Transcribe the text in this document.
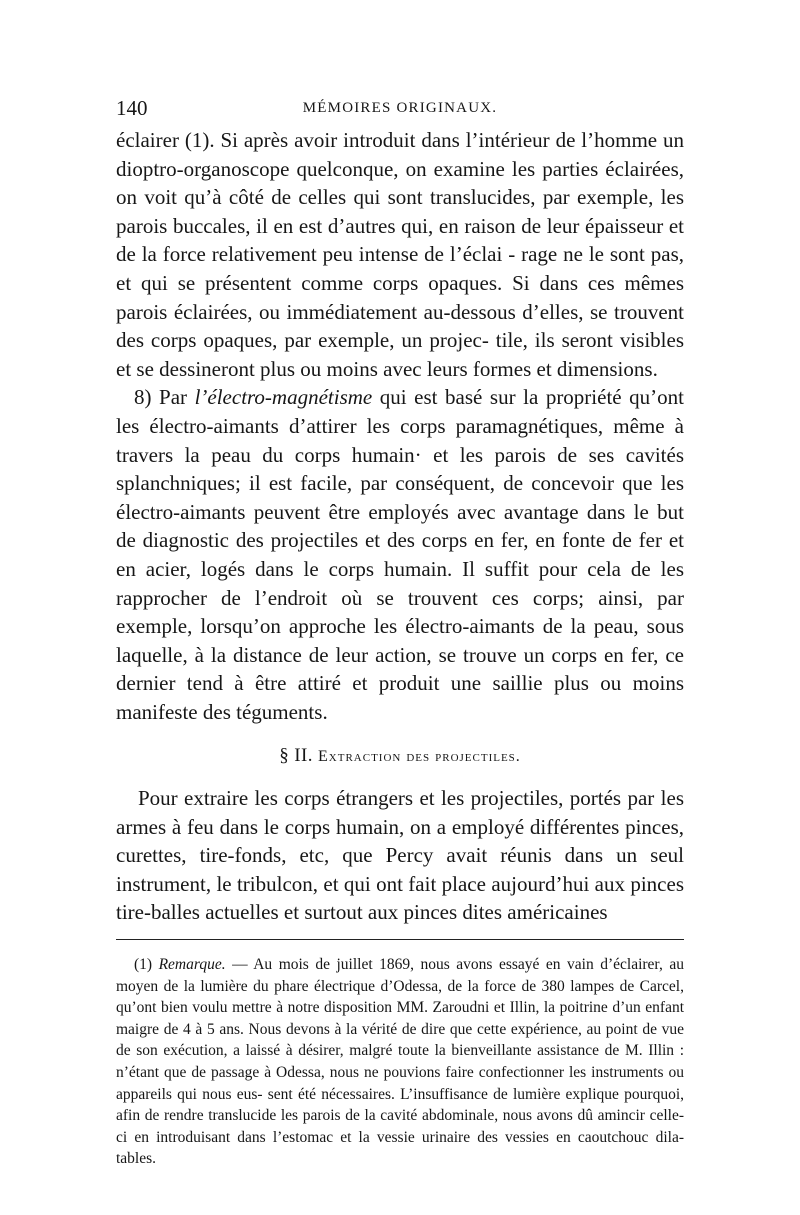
140	MÉMOIRES ORIGINAUX.

éclairer (1). Si après avoir introduit dans l’intérieur de l’homme un dioptro-organoscope quelconque, on examine les parties éclairées, on voit qu’à côté de celles qui sont translucides, par exemple, les parois buccales, il en est d’autres qui, en raison de leur épaisseur et de la force relativement peu intense de l’éclai - rage ne le sont pas, et qui se présentent comme corps opaques. Si dans ces mêmes parois éclairées, ou immédiatement au-dessous d’elles, se trouvent des corps opaques, par exemple, un projec- tile, ils seront visibles et se dessineront plus ou moins avec leurs formes et dimensions.

8) Par l’électro-magnétisme qui est basé sur la propriété qu’ont les électro-aimants d’attirer les corps paramagnétiques, même à travers la peau du corps humain· et les parois de ses cavités splanchniques; il est facile, par conséquent, de concevoir que les électro-aimants peuvent être employés avec avantage dans le but de diagnostic des projectiles et des corps en fer, en fonte de fer et en acier, logés dans le corps humain. Il suffit pour cela de les rapprocher de l’endroit où se trouvent ces corps; ainsi, par exemple, lorsqu’on approche les électro-aimants de la peau, sous laquelle, à la distance de leur action, se trouve un corps en fer, ce dernier tend à être attiré et produit une saillie plus ou moins manifeste des téguments.

§ II. Extraction des projectiles.

Pour extraire les corps étrangers et les projectiles, portés par les armes à feu dans le corps humain, on a employé différentes pinces, curettes, tire-fonds, etc, que Percy avait réunis dans un seul instrument, le tribulcon, et qui ont fait place aujourd’hui aux pinces tire-balles actuelles et surtout aux pinces dites américaines

(1) Remarque. — Au mois de juillet 1869, nous avons essayé en vain d’éclairer, au moyen de la lumière du phare électrique d’Odessa, de la force de 380 lampes de Carcel, qu’ont bien voulu mettre à notre disposition MM. Zaroudni et Illin, la poitrine d’un enfant maigre de 4 à 5 ans. Nous devons à la vérité de dire que cette expérience, au point de vue de son exécution, a laissé à désirer, malgré toute la bienveillante assistance de M. Illin : n’étant que de passage à Odessa, nous ne pouvions faire confectionner les instruments ou appareils qui nous eus- sent été nécessaires. L’insuffisance de lumière explique pourquoi, afin de rendre translucide les parois de la cavité abdominale, nous avons dû amincir celle-ci en introduisant dans l’estomac et la vessie urinaire des vessies en caoutchouc dila- tables.
